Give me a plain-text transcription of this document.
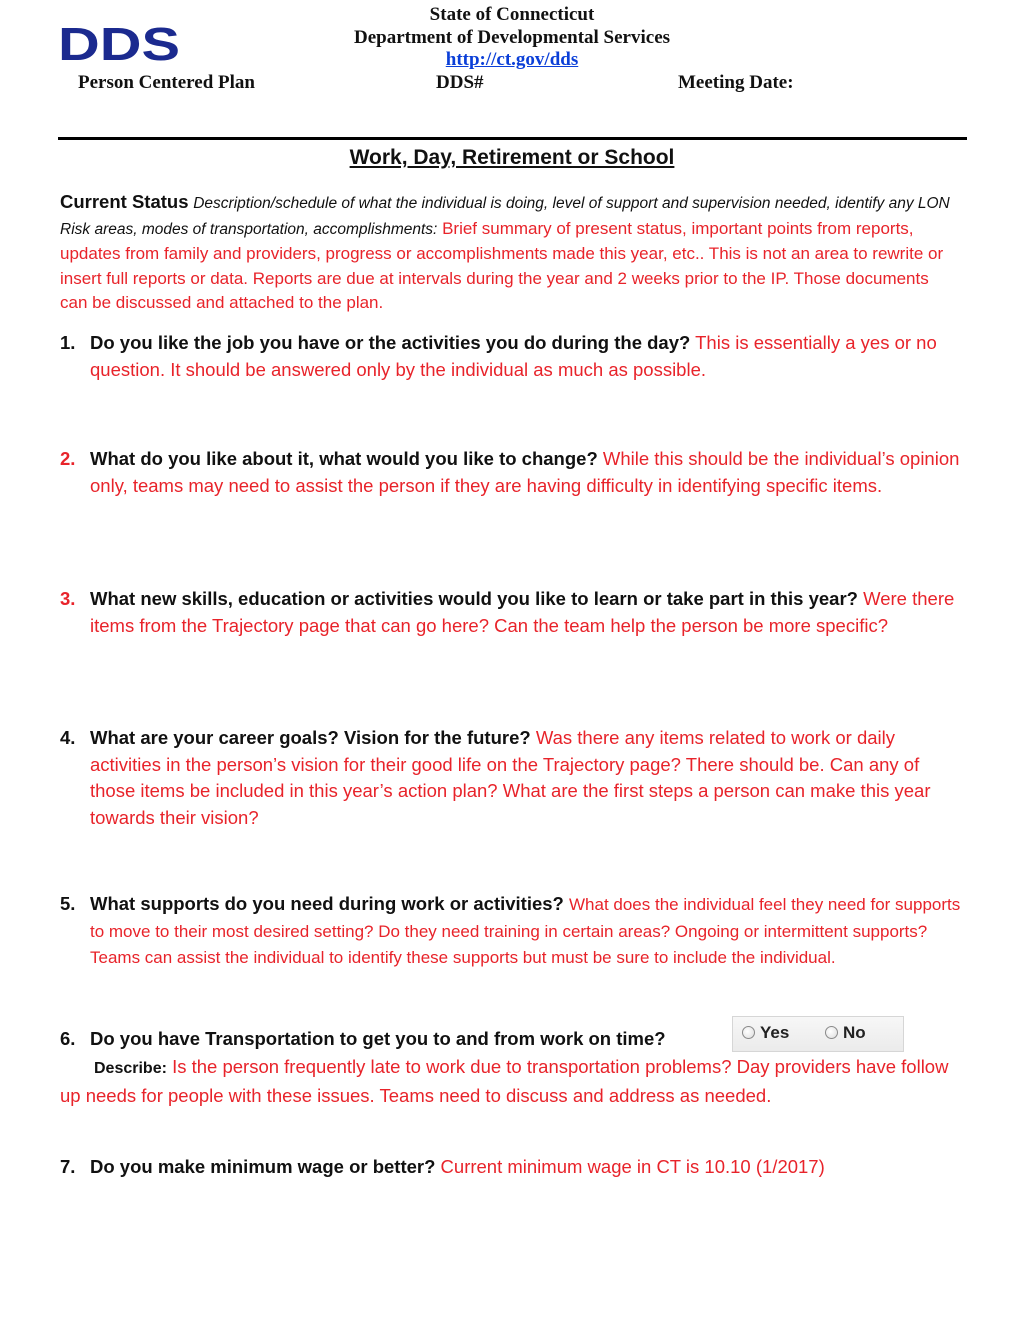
DDS
State of Connecticut
Department of Developmental Services
http://ct.gov/dds
Person Centered Plan	DDS#	Meeting Date:
Work, Day, Retirement or School
Current Status Description/schedule of what the individual is doing, level of support and supervision needed, identify any LON Risk areas, modes of transportation, accomplishments: Brief summary of present status, important points from reports, updates from family and providers, progress or accomplishments made this year, etc.. This is not an area to rewrite or insert full reports or data. Reports are due at intervals during the year and 2 weeks prior to the IP. Those documents can be discussed and attached to the plan.
1. Do you like the job you have or the activities you do during the day? This is essentially a yes or no question. It should be answered only by the individual as much as possible.
2. What do you like about it, what would you like to change? While this should be the individual’s opinion only, teams may need to assist the person if they are having difficulty in identifying specific items.
3. What new skills, education or activities would you like to learn or take part in this year? Were there items from the Trajectory page that can go here? Can the team help the person be more specific?
4. What are your career goals? Vision for the future? Was there any items related to work or daily activities in the person’s vision for their good life on the Trajectory page? There should be. Can any of those items be included in this year’s action plan? What are the first steps a person can make this year towards their vision?
5. What supports do you need during work or activities? What does the individual feel they need for supports to move to their most desired setting? Do they need training in certain areas? Ongoing or intermittent supports? Teams can assist the individual to identify these supports but must be sure to include the individual.
6. Do you have Transportation to get you to and from work on time?	Yes	No
Describe: Is the person frequently late to work due to transportation problems? Day providers have follow up needs for people with these issues. Teams need to discuss and address as needed.
7. Do you make minimum wage or better? Current minimum wage in CT is 10.10 (1/2017)
